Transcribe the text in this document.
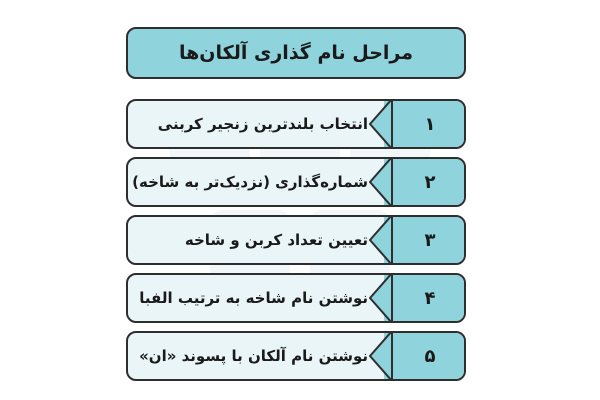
مراحل نام گذاری آلکان‌ها
۱
انتخاب بلندترین زنجیر کربنی
۲
شماره‌گذاری (نزدیک‌تر به شاخه)
۳
تعیین تعداد کربن و شاخه
۴
نوشتن نام شاخه به ترتیب الفبا
۵
نوشتن نام آلکان با پسوند «ان»
